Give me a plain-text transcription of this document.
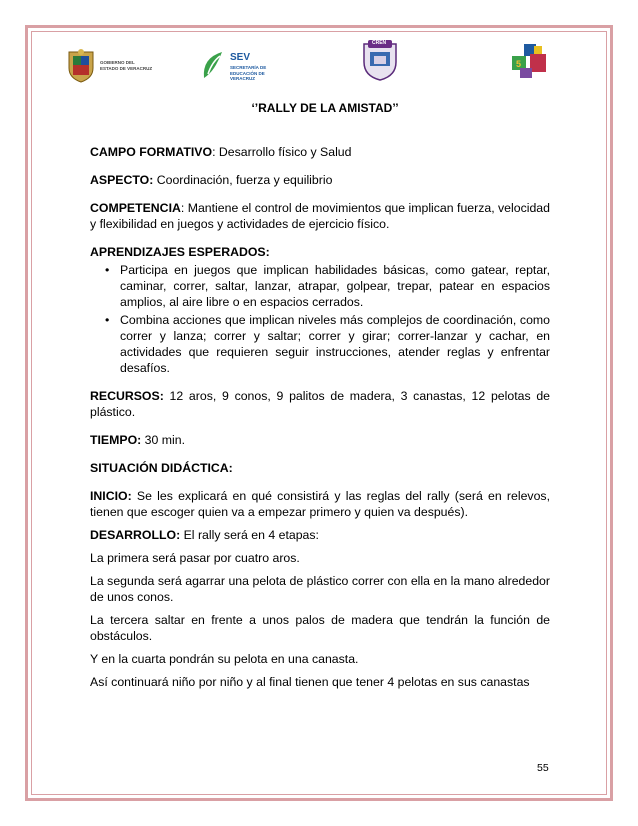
GOBIERNO DEL ESTADO DE VERACRUZ
SEV
SECRETARÍA DE EDUCACIÓN DE VERACRUZ
CREN
5
‘’RALLY DE LA AMISTAD’’

CAMPO FORMATIVO: Desarrollo físico y Salud

ASPECTO: Coordinación, fuerza y equilibrio

COMPETENCIA: Mantiene el control de movimientos que implican fuerza, velocidad y flexibilidad en juegos y actividades de ejercicio físico.

APRENDIZAJES ESPERADOS:

• Participa en juegos que implican habilidades básicas, como gatear, reptar, caminar, correr, saltar, lanzar, atrapar, golpear, trepar, patear en espacios amplios, al aire libre o en espacios cerrados.
• Combina acciones que implican niveles más complejos de coordinación, como correr y lanza; correr y saltar; correr y girar; correr-lanzar y cachar, en actividades que requieren seguir instrucciones, atender reglas y enfrentar desafíos.

RECURSOS: 12 aros, 9 conos, 9 palitos de madera, 3 canastas, 12 pelotas de plástico.

TIEMPO: 30 min.

SITUACIÓN DIDÁCTICA:

INICIO: Se les explicará en qué consistirá y las reglas del rally (será en relevos, tienen que escoger quien va a empezar primero y quien va después).

DESARROLLO: El rally será en 4 etapas:

La primera será pasar por cuatro aros.

La segunda será agarrar una pelota de plástico correr con ella en la mano alrededor de unos conos.

La tercera saltar en frente a unos palos de madera que tendrán la función de obstáculos.

Y en la cuarta pondrán su pelota en una canasta.

Así continuará niño por niño y al final tienen que tener 4 pelotas en sus canastas

55
